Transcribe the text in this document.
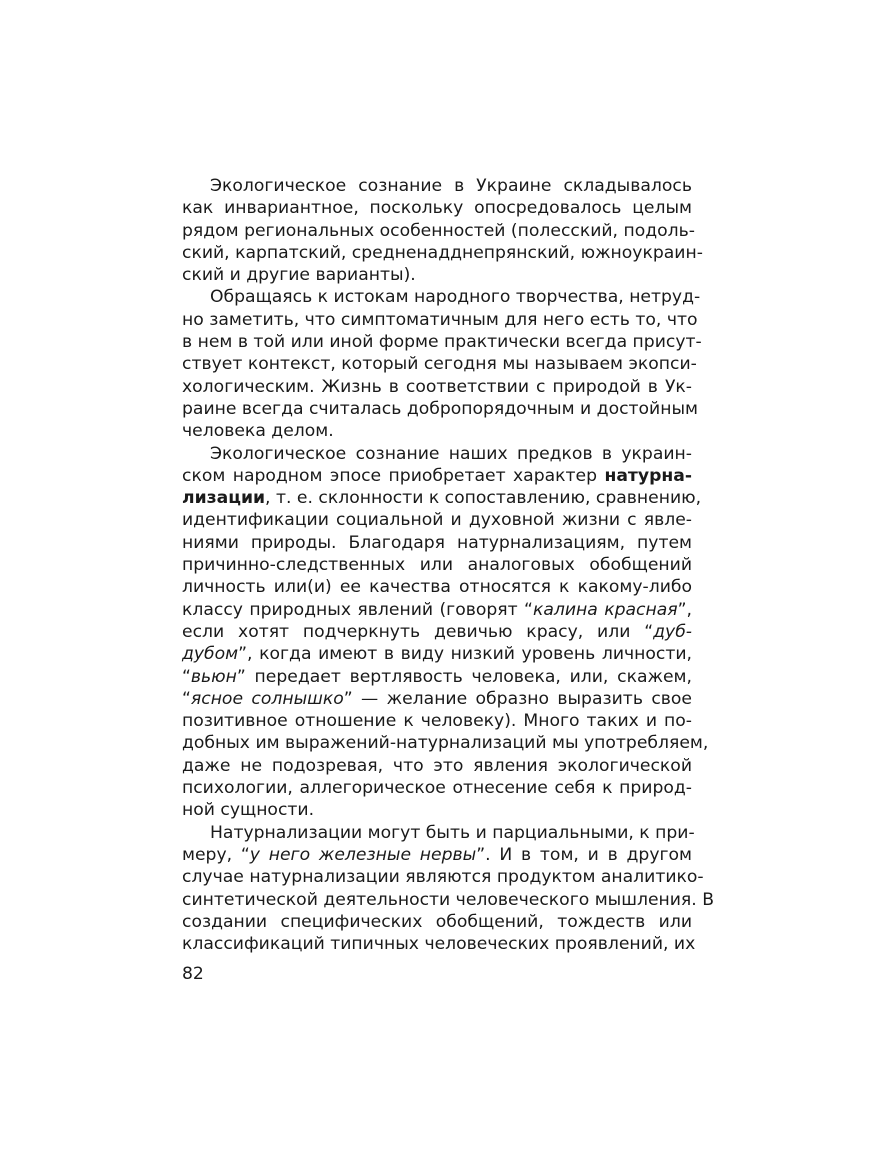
Экологическое сознание в Украине складывалось
как инвариантное, поскольку опосредовалось целым
рядом региональных особенностей (полесский, подоль-
ский, карпатский, средненадднепрянский, южноукраин-
ский и другие варианты).
Обращаясь к истокам народного творчества, нетруд-
но заметить, что симптоматичным для него есть то, что
в нем в той или иной форме практически всегда присут-
ствует контекст, который сегодня мы называем экопси-
хологическим. Жизнь в соответствии с природой в Ук-
раине всегда считалась добропорядочным и достойным
человека делом.
Экологическое сознание наших предков в украин-
ском народном эпосе приобретает характер натурна-
лизации, т. е. склонности к сопоставлению, сравнению,
идентификации социальной и духовной жизни с явле-
ниями природы. Благодаря натурнализациям, путем
причинно-следственных или аналоговых обобщений
личность или(и) ее качества относятся к какому-либо
классу природных явлений (говорят “калина красная”,
если хотят подчеркнуть девичью красу, или “дуб-
дубом”, когда имеют в виду низкий уровень личности,
“вьюн” передает вертлявость человека, или, скажем,
“ясное солнышко” — желание образно выразить свое
позитивное отношение к человеку). Много таких и по-
добных им выражений-натурнализаций мы употребляем,
даже не подозревая, что это явления экологической
психологии, аллегорическое отнесение себя к природ-
ной сущности.
Натурнализации могут быть и парциальными, к при-
меру, “у него железные нервы”. И в том, и в другом
случае натурнализации являются продуктом аналитико-
синтетической деятельности человеческого мышления. В
создании специфических обобщений, тождеств или
классификаций типичных человеческих проявлений, их
82
